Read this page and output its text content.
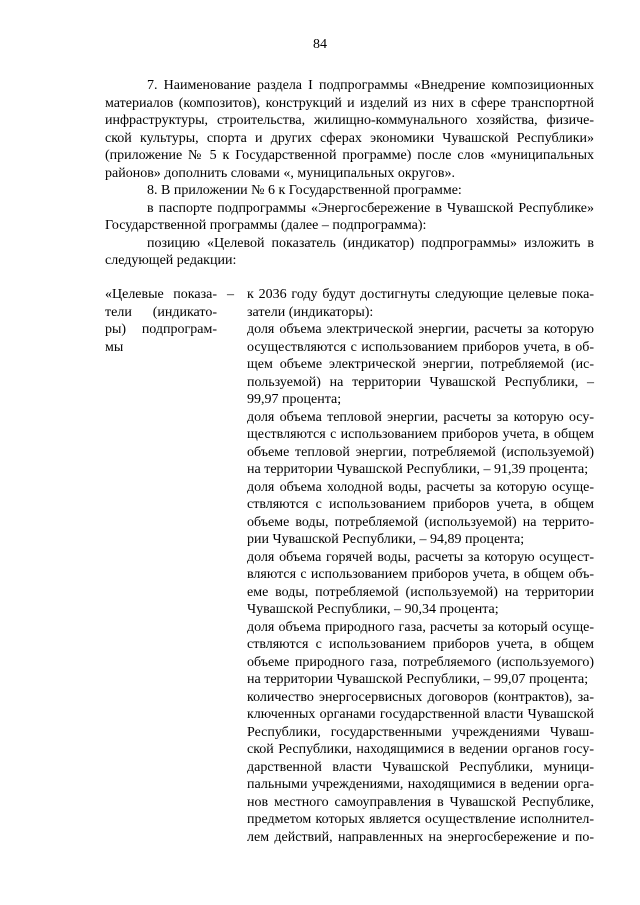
84
7. Наименование раздела I подпрограммы «Внедрение композиционных
материалов (композитов), конструкций и изделий из них в сфере транспортной
инфраструктуры, строительства, жилищно-коммунального хозяйства, физиче-
ской культуры, спорта и других сферах экономики Чувашской Республики»
(приложение № 5 к Государственной программе) после слов «муниципальных
районов» дополнить словами «, муниципальных округов».
8. В приложении № 6 к Государственной программе:
в паспорте подпрограммы «Энергосбережение в Чувашской Республике»
Государственной программы (далее – подпрограмма):
позицию «Целевой показатель (индикатор) подпрограммы» изложить в
следующей редакции:
«Целевые показа-
тели (индикато-
ры) подпрограм-
мы
– к 2036 году будут достигнуты следующие целевые пока-
затели (индикаторы):
доля объема электрической энергии, расчеты за которую
осуществляются с использованием приборов учета, в об-
щем объеме электрической энергии, потребляемой (ис-
пользуемой) на территории Чувашской Республики, –
99,97 процента;
доля объема тепловой энергии, расчеты за которую осу-
ществляются с использованием приборов учета, в общем
объеме тепловой энергии, потребляемой (используемой)
на территории Чувашской Республики, – 91,39 процента;
доля объема холодной воды, расчеты за которую осуще-
ствляются с использованием приборов учета, в общем
объеме воды, потребляемой (используемой) на террито-
рии Чувашской Республики, – 94,89 процента;
доля объема горячей воды, расчеты за которую осущест-
вляются с использованием приборов учета, в общем объ-
еме воды, потребляемой (используемой) на территории
Чувашской Республики, – 90,34 процента;
доля объема природного газа, расчеты за который осуще-
ствляются с использованием приборов учета, в общем
объеме природного газа, потребляемого (используемого)
на территории Чувашской Республики, – 99,07 процента;
количество энергосервисных договоров (контрактов), за-
ключенных органами государственной власти Чувашской
Республики, государственными учреждениями Чуваш-
ской Республики, находящимися в ведении органов госу-
дарственной власти Чувашской Республики, муници-
пальными учреждениями, находящимися в ведении орга-
нов местного самоуправления в Чувашской Республике,
предметом которых является осуществление исполнител-
лем действий, направленных на энергосбережение и по-
